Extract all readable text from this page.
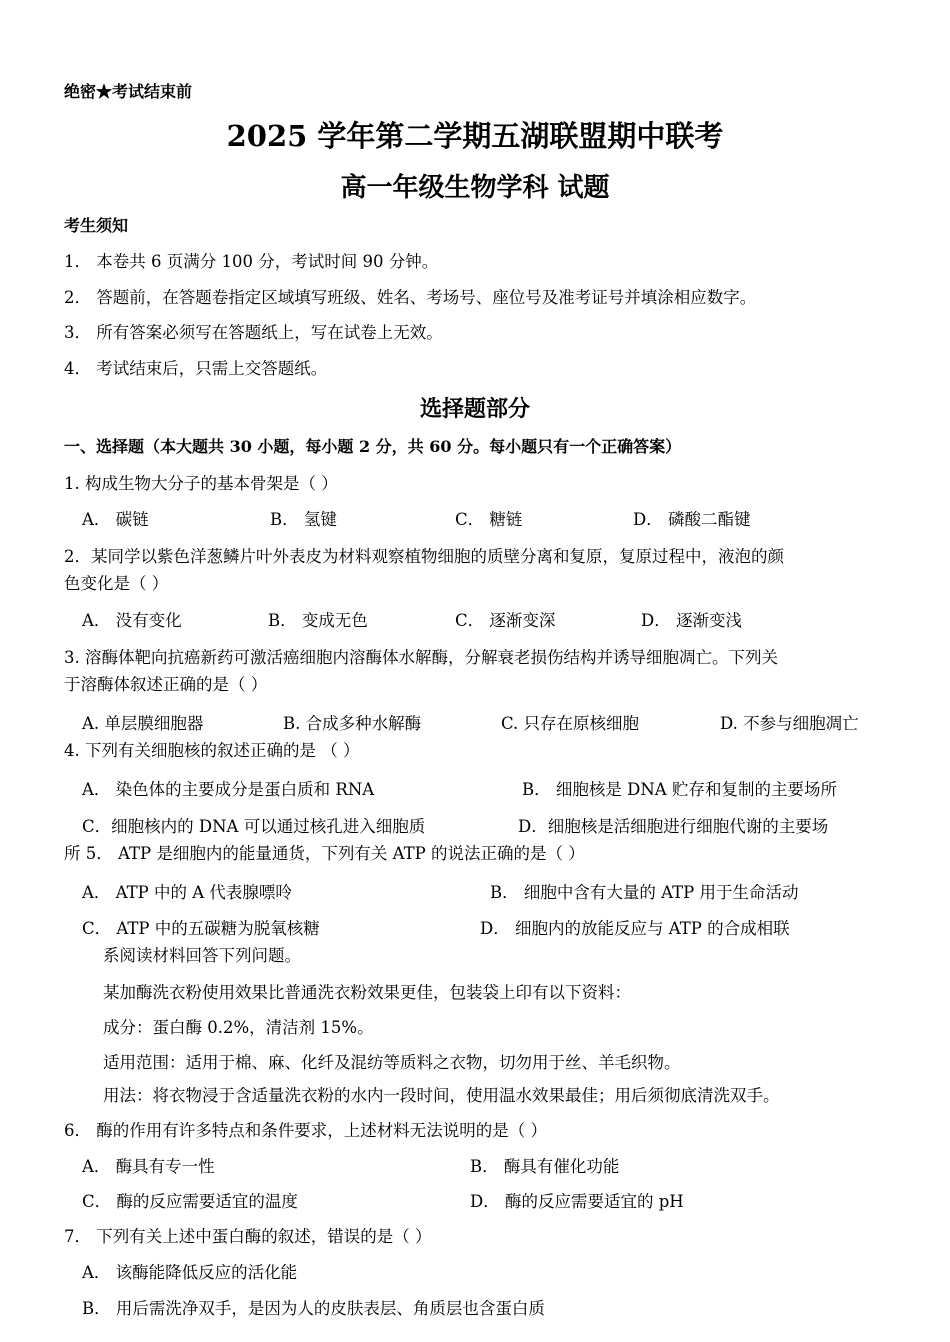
绝密★考试结束前
2025 学年第二学期五湖联盟期中联考
高一年级生物学科 试题
考生须知
1． 本卷共 6 页满分 100 分，考试时间 90 分钟。
2． 答题前，在答题卷指定区域填写班级、姓名、考场号、座位号及准考证号并填涂相应数字。
3． 所有答案必须写在答题纸上，写在试卷上无效。
4． 考试结束后，只需上交答题纸。
选择题部分
一、选择题（本大题共 30 小题，每小题 2 分，共 60 分。每小题只有一个正确答案）
1. 构成生物大分子的基本骨架是（ ）
A． 碳链	B． 氢键	C． 糖链	D． 磷酸二酯键
2．某同学以紫色洋葱鳞片叶外表皮为材料观察植物细胞的质壁分离和复原，复原过程中，液泡的颜
色变化是（ ）
A． 没有变化	B． 变成无色	C． 逐渐变深	D． 逐渐变浅
3. 溶酶体靶向抗癌新药可激活癌细胞内溶酶体水解酶，分解衰老损伤结构并诱导细胞凋亡。下列关
于溶酶体叙述正确的是（ ）
A. 单层膜细胞器	B. 合成多种水解酶	C. 只存在原核细胞	D. 不参与细胞凋亡
4. 下列有关细胞核的叙述正确的是 （ ）
A． 染色体的主要成分是蛋白质和 RNA	B． 细胞核是 DNA 贮存和复制的主要场所
C．细胞核内的 DNA 可以通过核孔进入细胞质	D．细胞核是活细胞进行细胞代谢的主要场
所 5． ATP 是细胞内的能量通货，下列有关 ATP 的说法正确的是（ ）
A． ATP 中的 A 代表腺嘌呤	B． 细胞中含有大量的 ATP 用于生命活动
C． ATP 中的五碳糖为脱氧核糖	D． 细胞内的放能反应与 ATP 的合成相联
系阅读材料回答下列问题。
某加酶洗衣粉使用效果比普通洗衣粉效果更佳，包装袋上印有以下资料：
成分：蛋白酶 0.2%，清洁剂 15%。
适用范围：适用于棉、麻、化纤及混纺等质料之衣物，切勿用于丝、羊毛织物。
用法：将衣物浸于含适量洗衣粉的水内一段时间，使用温水效果最佳；用后须彻底清洗双手。
6． 酶的作用有许多特点和条件要求，上述材料无法说明的是（ ）
A． 酶具有专一性	B． 酶具有催化功能
C． 酶的反应需要适宜的温度	D． 酶的反应需要适宜的 pH
7． 下列有关上述中蛋白酶的叙述，错误的是（ ）
A． 该酶能降低反应的活化能
B． 用后需洗净双手，是因为人的皮肤表层、角质层也含蛋白质
